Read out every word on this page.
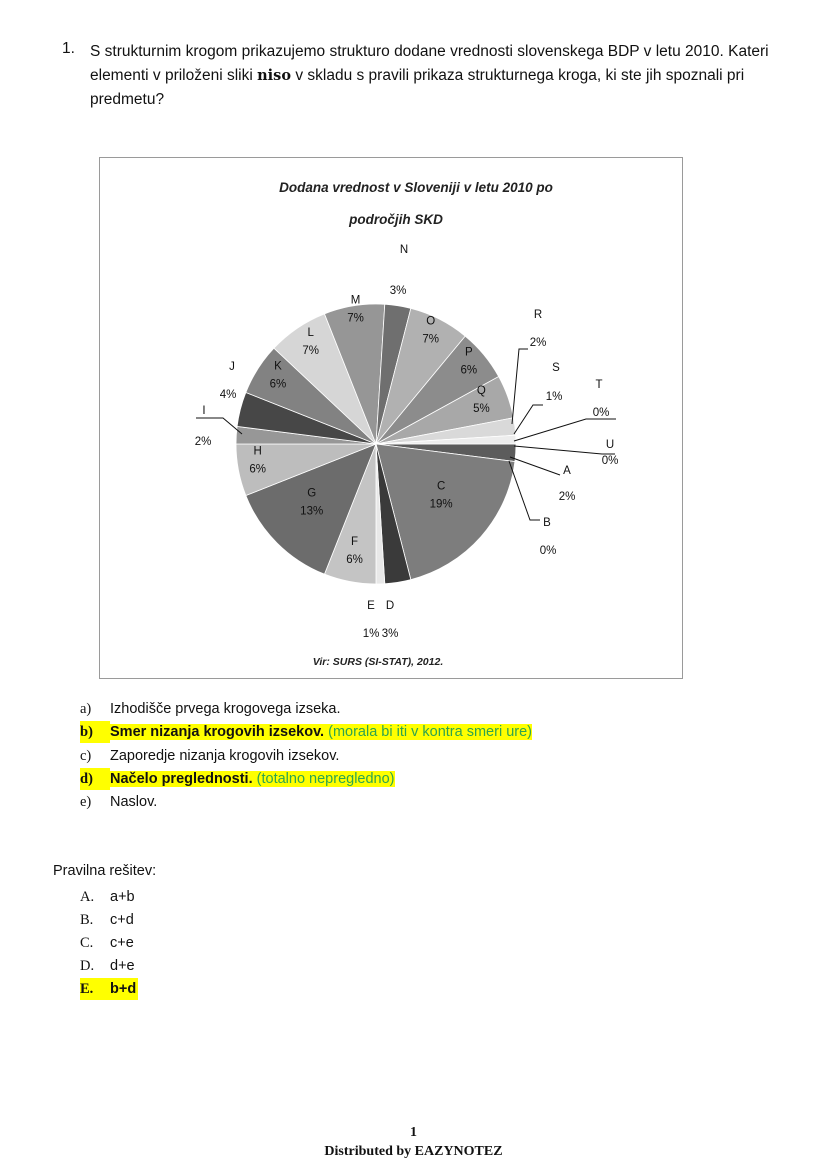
1. S strukturnim krogom prikazujemo strukturo dodane vrednosti slovenskega BDP v letu 2010. Kateri elementi v priloženi sliki niso v skladu s pravili prikaza strukturnega kroga, ki ste jih spoznali pri predmetu?
Dodana vrednost v Sloveniji v letu 2010 po
področjih SKD
A
2%
B
0%
C
19%
D
3%
E
1%
F
6%
G
13%
H
6%
I
2%
J
4%
K
6%
L
7%
M
7%
N
3%
O
7%
P
6%
Q
5%
R
2%
S
1%
T
0%
U
0%
Vir: SURS (SI-STAT), 2012.
a) Izhodišče prvega krogovega izseka.
b) Smer nizanja krogovih izsekov. (morala bi iti v kontra smeri ure)
c) Zaporedje nizanja krogovih izsekov.
d) Načelo preglednosti. (totalno nepregledno)
e) Naslov.
Pravilna rešitev:
A. a+b
B. c+d
C. c+e
D. d+e
E. b+d
1
Distributed by EAZYNOTEZ
